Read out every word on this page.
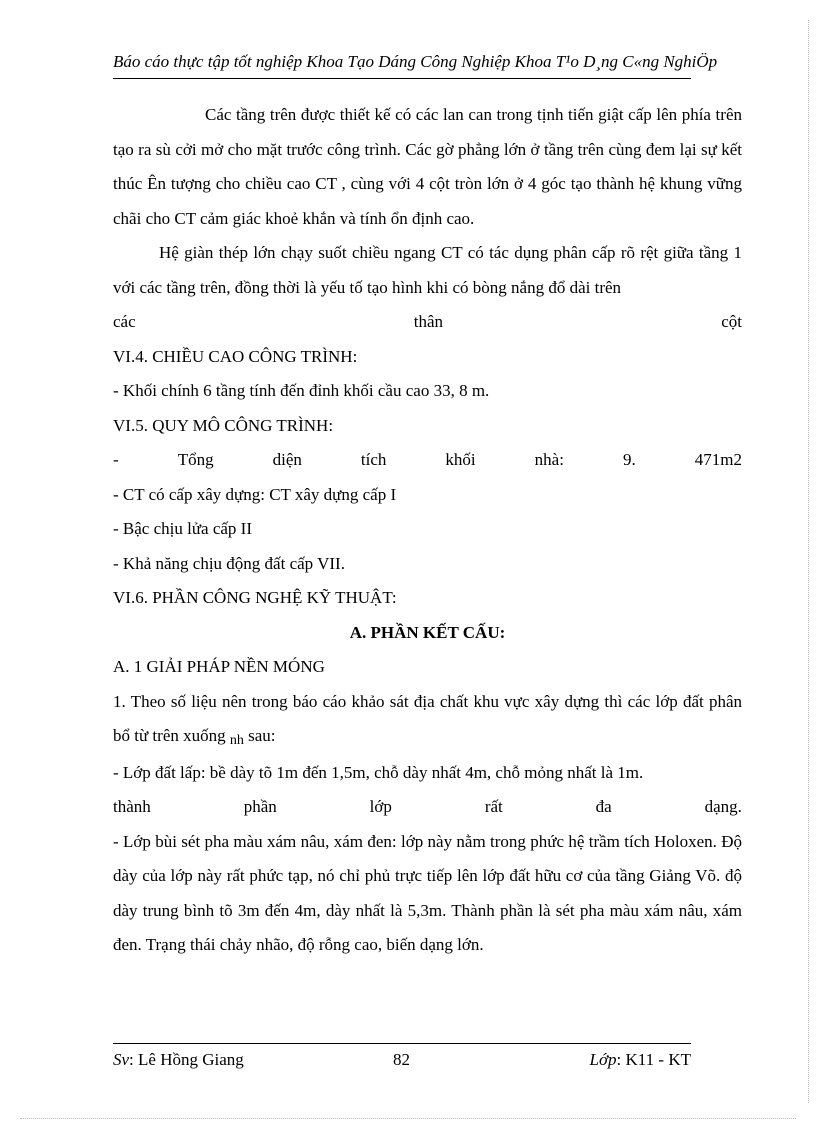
Báo cáo thực tập tốt nghiệp Khoa Tạo Dáng Công Nghiệp Khoa T¹o D¸ng C«ng NghiÖp

Các tầng trên được thiết kế có các lan can trong tịnh tiến giật cấp lên phía trên tạo ra sù cởi mở cho mặt trước công trình. Các gờ phẳng lớn ở tầng trên cùng đem lại sự kết thúc Ên tượng cho chiều cao CT , cùng với 4 cột tròn lớn ở 4 góc tạo thành hệ khung vững chãi cho CT cảm giác khoẻ khắn và tính ổn định cao.

Hệ giàn thép lớn chạy suốt chiều ngang CT có tác dụng phân cấp rõ rệt giữa tầng 1 với các tầng trên, đồng thời là yếu tố tạo hình khi có bòng nắng đổ dài trên

các	thân	cột

VI.4. CHIỀU CAO CÔNG TRÌNH:

- Khối chính 6 tầng tính đến đỉnh khối cầu cao 33, 8 m.

VI.5. QUY MÔ CÔNG TRÌNH:

-	Tổng	diện	tích	khối	nhà:	9.	471m2

- CT có cấp xây dựng: CT xây dựng cấp I

- Bậc chịu lửa cấp II

- Khả năng chịu động đất cấp VII.

VI.6. PHẦN CÔNG NGHỆ KỸ THUẬT:

A. PHẦN KẾT CẤU:

A. 1 GIẢI PHÁP NỀN MÓNG

1. Theo số liệu nên trong báo cáo khảo sát địa chất khu vực xây dựng thì các lớp đất phân bổ từ trên xuống nh sau:

- Lớp đất lấp: bề dày tõ 1m đến 1,5m, chỗ dày nhất 4m, chỗ mỏng nhất là 1m.

thành	phần	lớp	rất	đa	dạng.

- Lớp bùi sét pha màu xám nâu, xám đen: lớp này nằm trong phức hệ trầm tích Holoxen. Độ dày của lớp này rất phức tạp, nó chỉ phủ trực tiếp lên lớp đất hữu cơ của tầng Giảng Võ. độ dày trung bình tõ 3m đến 4m, dày nhất là 5,3m. Thành phần là sét pha màu xám nâu, xám đen. Trạng thái chảy nhão, độ rỗng cao, biến dạng lớn.

Sv: Lê Hồng Giang	82	Lớp: K11 - KT
